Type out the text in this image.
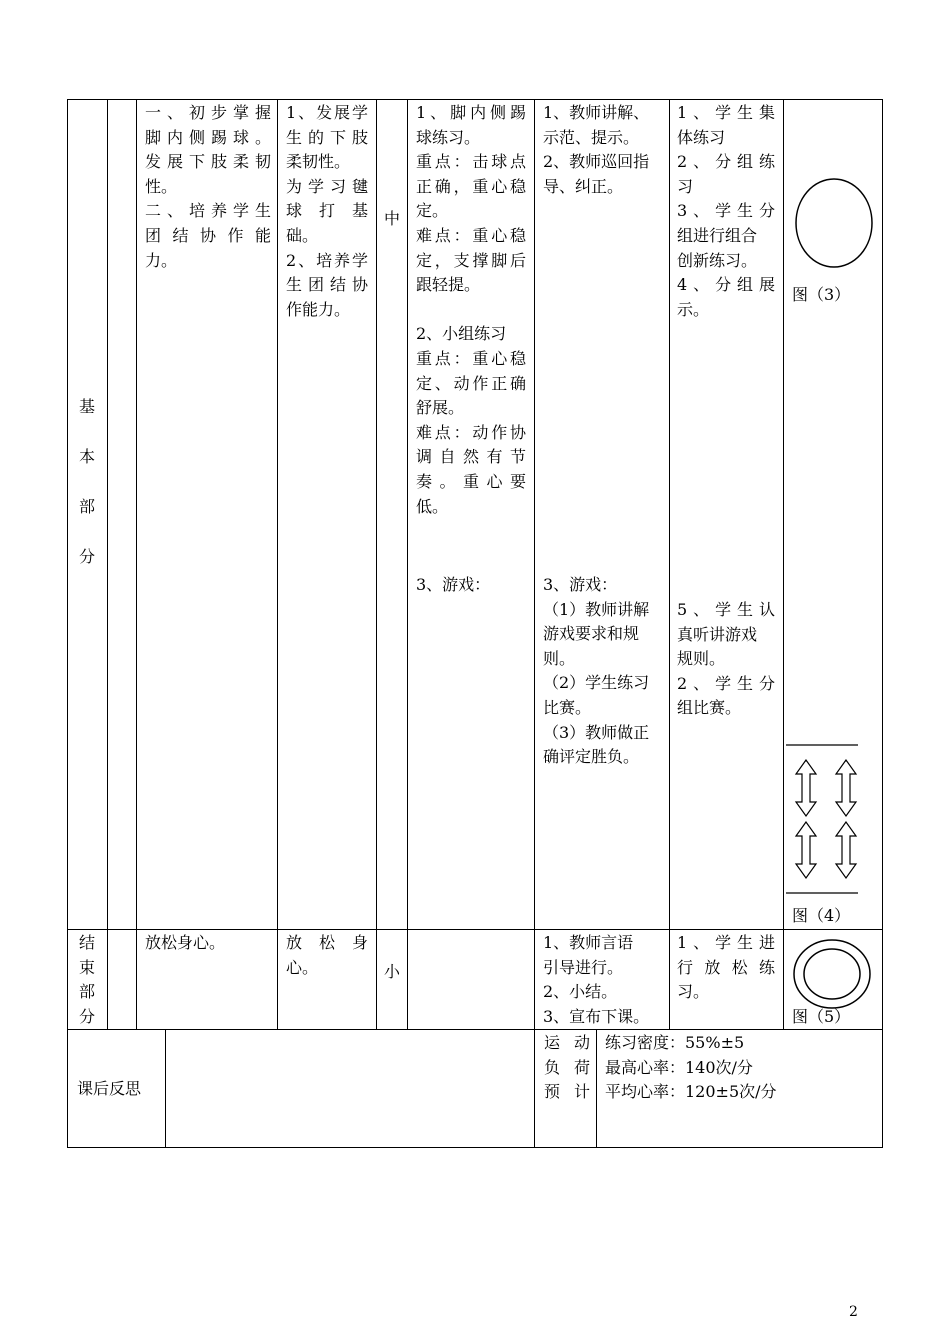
基
本
部
分

一、初步掌握

脚内侧踢球。

发展下肢柔韧

性。

二、培养学生

团结协作能

力。

1、发展学

生的下肢

柔韧性。

为学习毽

球打基

础。

2、培养学

生团结协

作能力。

中

1、脚内侧踢

球练习。

重点：击球点

正确，重心稳

定。

难点：重心稳

定，支撑脚后

跟轻提。

2、小组练习

重点：重心稳

定、动作正确

舒展。

难点：动作协

调自然有节

奏。重心要

低。

3、游戏：

1、教师讲解、

示范、提示。

2、教师巡回指

导、纠正。

3、游戏：

（1）教师讲解

游戏要求和规

则。

（2）学生练习

比赛。

（3）教师做正

确评定胜负。

1、学生集

体练习

2、分组练

习

3、学生分

组进行组合

创新练习。

4、分组展

示。

5、学生认

真听讲游戏

规则。

2、学生分

组比赛。

图（3）
图（4）
结
束
部
分
放松身心。	放松身

心。	小

1、教师言语

引导进行。

2、小结。

3、宣布下课。

1、学生进

行放松练

习。

图（5）
课后反思

运动

负荷

预计

练习密度：55%±5

最高心率：140次/分

平均心率：120±5次/分

2
